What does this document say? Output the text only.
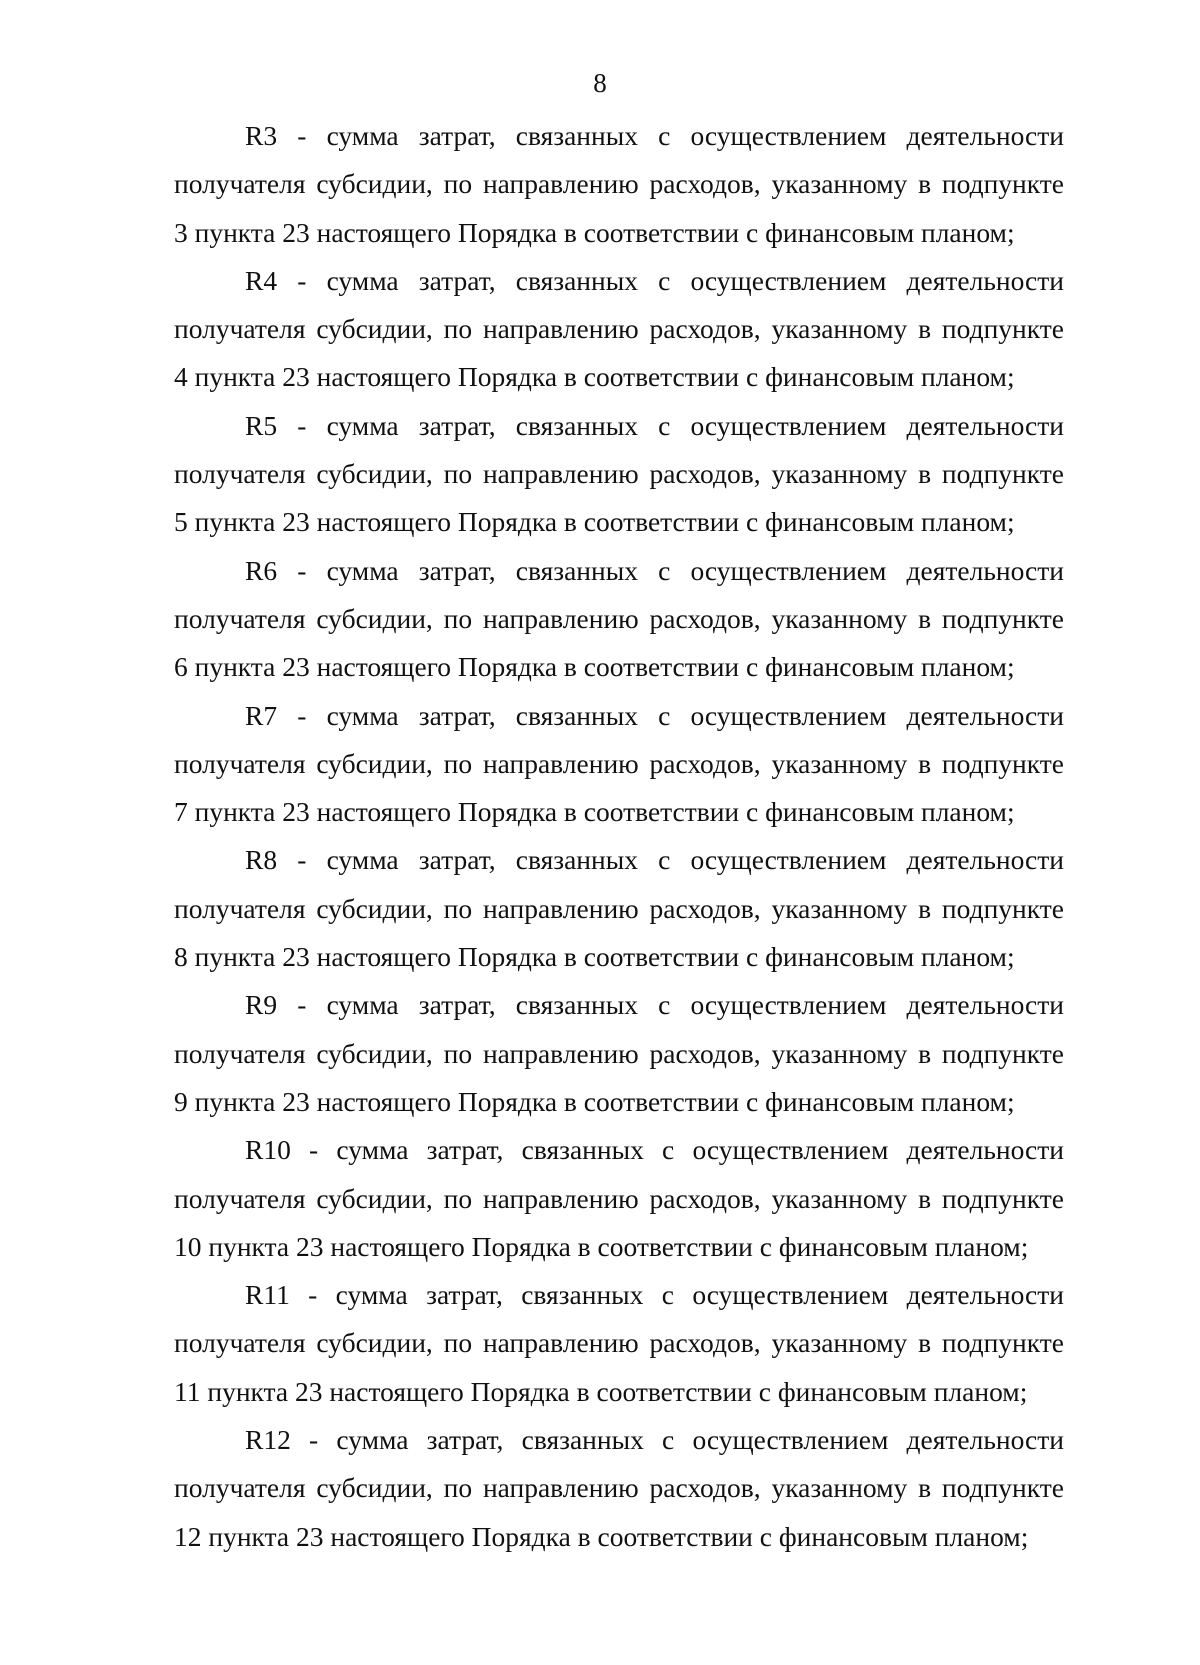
8
R3 - сумма затрат, связанных с осуществлением деятельности
получателя субсидии, по направлению расходов, указанному в подпункте
3 пункта 23 настоящего Порядка в соответствии с финансовым планом;
R4 - сумма затрат, связанных с осуществлением деятельности
получателя субсидии, по направлению расходов, указанному в подпункте
4 пункта 23 настоящего Порядка в соответствии с финансовым планом;
R5 - сумма затрат, связанных с осуществлением деятельности
получателя субсидии, по направлению расходов, указанному в подпункте
5 пункта 23 настоящего Порядка в соответствии с финансовым планом;
R6 - сумма затрат, связанных с осуществлением деятельности
получателя субсидии, по направлению расходов, указанному в подпункте
6 пункта 23 настоящего Порядка в соответствии с финансовым планом;
R7 - сумма затрат, связанных с осуществлением деятельности
получателя субсидии, по направлению расходов, указанному в подпункте
7 пункта 23 настоящего Порядка в соответствии с финансовым планом;
R8 - сумма затрат, связанных с осуществлением деятельности
получателя субсидии, по направлению расходов, указанному в подпункте
8 пункта 23 настоящего Порядка в соответствии с финансовым планом;
R9 - сумма затрат, связанных с осуществлением деятельности
получателя субсидии, по направлению расходов, указанному в подпункте
9 пункта 23 настоящего Порядка в соответствии с финансовым планом;
R10 - сумма затрат, связанных с осуществлением деятельности
получателя субсидии, по направлению расходов, указанному в подпункте
10 пункта 23 настоящего Порядка в соответствии с финансовым планом;
R11 - сумма затрат, связанных с осуществлением деятельности
получателя субсидии, по направлению расходов, указанному в подпункте
11 пункта 23 настоящего Порядка в соответствии с финансовым планом;
R12 - сумма затрат, связанных с осуществлением деятельности
получателя субсидии, по направлению расходов, указанному в подпункте
12 пункта 23 настоящего Порядка в соответствии с финансовым планом;
